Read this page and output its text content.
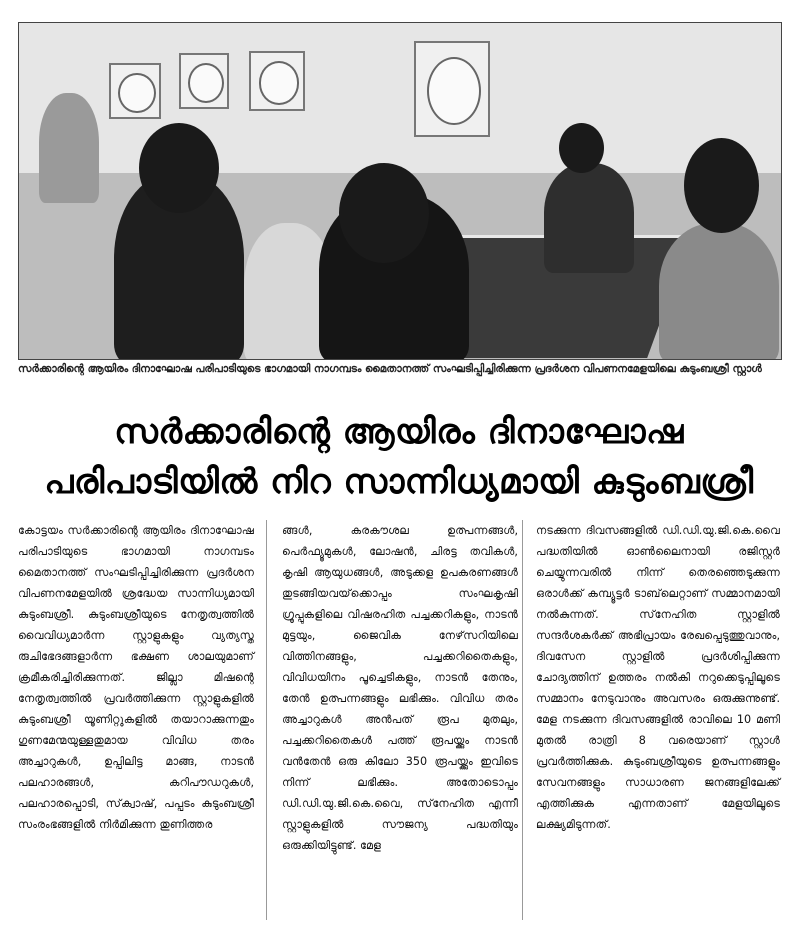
സർക്കാരിന്റെ ആയിരം ദിനാഘോഷ പരിപാടിയുടെ ഭാഗമായി നാഗമ്പടം മൈതാനത്ത് സംഘടിപ്പിച്ചിരിക്കുന്ന പ്രദർശന വിപണനമേളയിലെ കുടുംബശ്രീ സ്റ്റാൾ
സർക്കാരിന്റെ ആയിരം ദിനാഘോഷ
പരിപാടിയിൽ നിറ സാന്നിധ്യമായി കുടുംബശ്രീ

കോട്ടയം സർക്കാരിന്റെ ആയിരം ദിനാഘോഷ പരിപാടിയുടെ ഭാഗമായി നാഗമ്പടം മൈതാനത്ത് സംഘടിപ്പിച്ചിരിക്കുന്ന പ്രദർശന വിപണനമേളയിൽ ശ്രദ്ധേയ സാന്നിധ്യമായി കുടുംബശ്രീ. കുടുംബശ്രീയുടെ നേതൃത്വത്തിൽ വൈവിധ്യമാർന്ന സ്റ്റാളുകളും വ്യത്യസ്ത രുചിഭേദങ്ങളാർന്ന ഭക്ഷണ ശാലയുമാണ് ക്രമീകരിച്ചിരിക്കുന്നത്. ജില്ലാ മിഷന്റെ നേതൃത്വത്തിൽ പ്രവർത്തിക്കുന്ന സ്റ്റാളുകളിൽ കുടുംബശ്രീ യൂണിറ്റുകളിൽ തയാറാക്കുന്നതും ഗുണമേന്മയുള്ളതുമായ വിവിധ തരം അച്ചാറുകൾ, ഉപ്പിലിട്ട മാങ്ങ, നാടൻ പലഹാരങ്ങൾ, കറിപൗഡറുകൾ, പലഹാരപ്പൊടി, സ്‌ക്വാഷ്, പപ്പടം കുടുംബശ്രീ സംരംഭങ്ങളിൽ നിർമിക്കുന്ന തുണിത്തര

ങ്ങൾ, കരകൗശല ഉത്പന്നങ്ങൾ, പെർഫ്യൂമുകൾ, ലോഷൻ, ചിരട്ട തവികൾ, കൃഷി ആയുധങ്ങൾ, അടുക്കള ഉപകരണങ്ങൾ തുടങ്ങിയവയ്‌ക്കൊപ്പം സംഘകൃഷി ഗ്രൂപ്പുകളിലെ വിഷരഹിത പച്ചക്കറികളും, നാടൻ മുട്ടയും, ജൈവിക നേഴ്‌സറിയിലെ വിത്തിനങ്ങളും, പച്ചക്കറിതൈകളും, വിവിധയിനം പൂച്ചെടികളും, നാടൻ തേനും, തേൻ ഉത്പന്നങ്ങളും ലഭിക്കും. വിവിധ തരം അച്ചാറുകൾ അൻപത് രൂപ മുതലും, പച്ചക്കറിതൈകൾ പത്ത് രൂപയ്ക്കും നാടൻ വൻതേൻ ഒരു കിലോ 350 രൂപയ്ക്കും ഇവിടെ നിന്ന് ലഭിക്കും. അതോടൊപ്പം ഡി.ഡി.യു.ജി.കെ.വൈ, സ്‌നേഹിത എന്നീ സ്റ്റാളുകളിൽ സൗജന്യ പദ്ധതിയും ഒരുക്കിയിട്ടുണ്ട്. മേള

നടക്കുന്ന ദിവസങ്ങളിൽ ഡി.ഡി.യു.ജി.കെ.വൈ പദ്ധതിയിൽ ഓൺലൈനായി രജിസ്റ്റർ ചെയ്യുന്നവരിൽ നിന്ന് തെരഞ്ഞെടുക്കുന്ന ഒരാൾക്ക് കമ്പ്യൂട്ടർ ടാബ്‌ലെറ്റാണ് സമ്മാനമായി നൽകുന്നത്. സ്‌നേഹിത സ്റ്റാളിൽ സന്ദർശകർക്ക് അഭിപ്രായം രേഖപ്പെടുത്തുവാനും, ദിവസേന സ്റ്റാളിൽ പ്രദർശിപ്പിക്കുന്ന ചോദ്യത്തിന് ഉത്തരം നൽകി നറുക്കെടുപ്പിലൂടെ സമ്മാനം നേടുവാനും അവസരം ഒരുക്കുന്നുണ്ട്. മേള നടക്കുന്ന ദിവസങ്ങളിൽ രാവിലെ 10 മണി മുതൽ രാത്രി 8 വരെയാണ് സ്റ്റാൾ പ്രവർത്തിക്കുക. കുടുംബശ്രീയുടെ ഉത്പന്നങ്ങളും സേവനങ്ങളും സാധാരണ ജനങ്ങളിലേക്ക് എത്തിക്കുക എന്നതാണ് മേളയിലൂടെ ലക്ഷ്യമിടുന്നത്.
